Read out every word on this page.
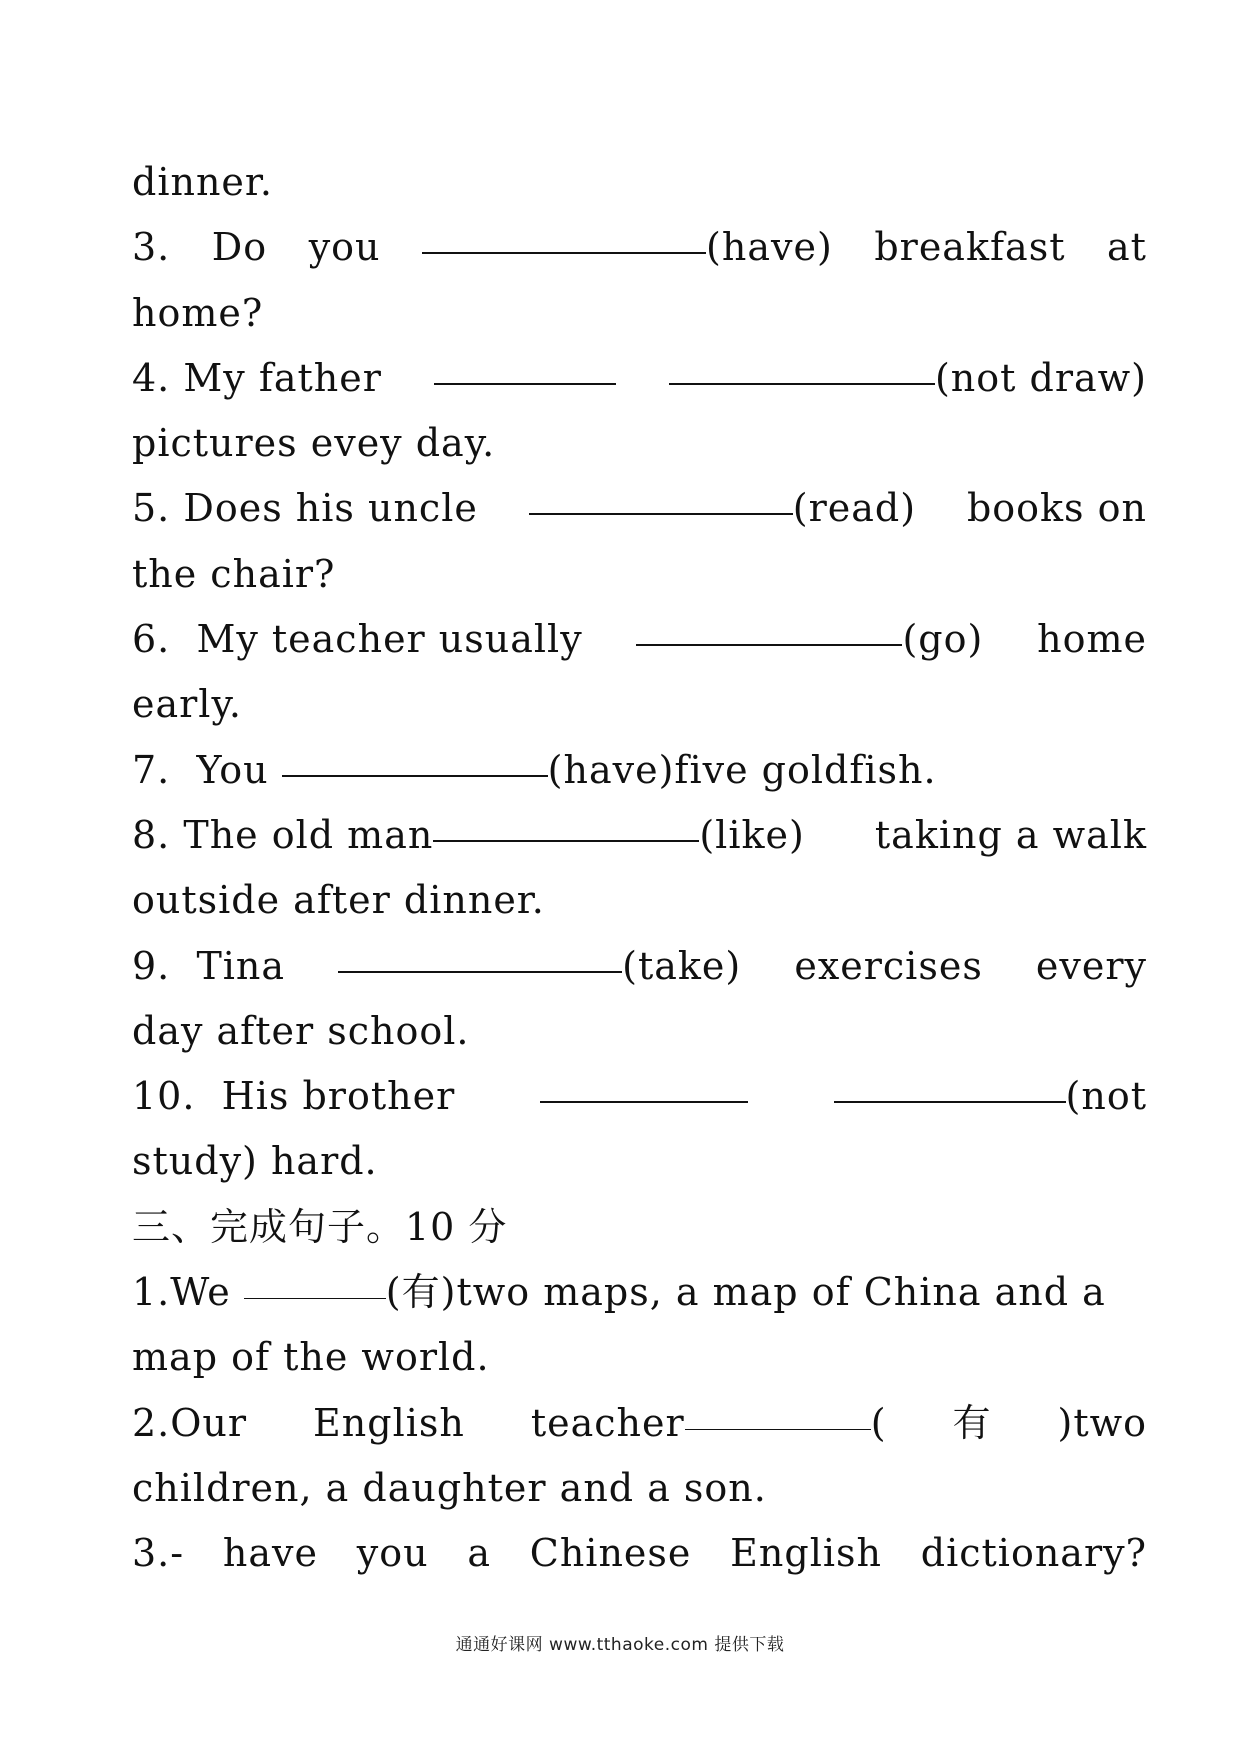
dinner.
3. Do you	(have) breakfast at
home?
4. My father	(not draw)
pictures evey day.
5. Does his uncle	(read) books on
the chair?
6. My teacher usually	(go) home
early.
7. You	(have)five goldfish.
8. The old man	(like) taking a walk
outside after dinner.
9. Tina	(take) exercises every
day after school.
10. His brother	(not
study) hard.
三、完成句子。10 分
1.We	(有)two maps, a map of China and a
map of the world.
2.Our English teacher	( 有 )two
children, a daughter and a son.
3.- have you a Chinese English dictionary?
通通好课网 www.tthaoke.com 提供下载
